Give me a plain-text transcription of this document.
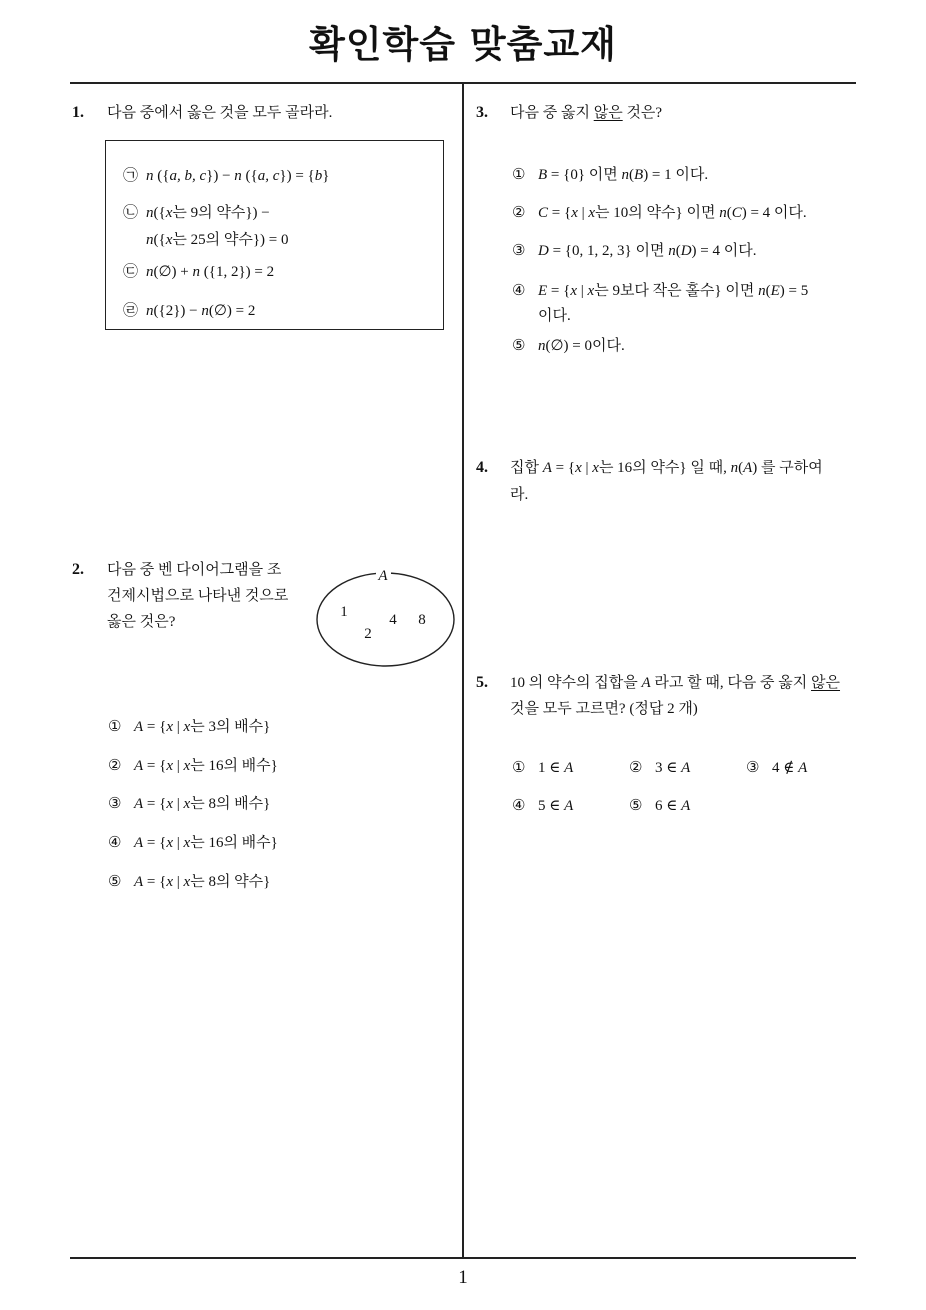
확인학습 맞춤교재
1. 다음 중에서 옳은 것을 모두 골라라.
㉠ n ({a, b, c}) − n ({a, c}) = {b}
㉡ n({x는 9의 약수}) −
n({x는 25의 약수}) = 0
㉢ n(∅) + n ({1, 2}) = 2
㉣ n({2}) − n(∅) = 2
2. 다음 중 벤 다이어그램을 조
건제시법으로 나타낸 것으로
옳은 것은?
A
1
2
4 8
① A = {x | x는 3의 배수}
② A = {x | x는 16의 배수}
③ A = {x | x는 8의 배수}
④ A = {x | x는 16의 배수}
⑤ A = {x | x는 8의 약수}
3. 다음 중 옳지 않은 것은?
① B = {0} 이면 n(B) = 1 이다.
② C = {x | x는 10의 약수} 이면 n(C) = 4 이다.
③ D = {0, 1, 2, 3} 이면 n(D) = 4 이다.
④ E = {x | x는 9보다 작은 홀수} 이면 n(E) = 5
이다.
⑤ n(∅) = 0이다.
4. 집합 A = {x | x는 16의 약수} 일 때, n(A) 를 구하여
라.
5. 10 의 약수의 집합을 A 라고 할 때, 다음 중 옳지 않은
것을 모두 고르면? (정답 2 개)
① 1 ∈ A	② 3 ∈ A	③ 4 ∉ A
④ 5 ∈ A	⑤ 6 ∈ A
1
